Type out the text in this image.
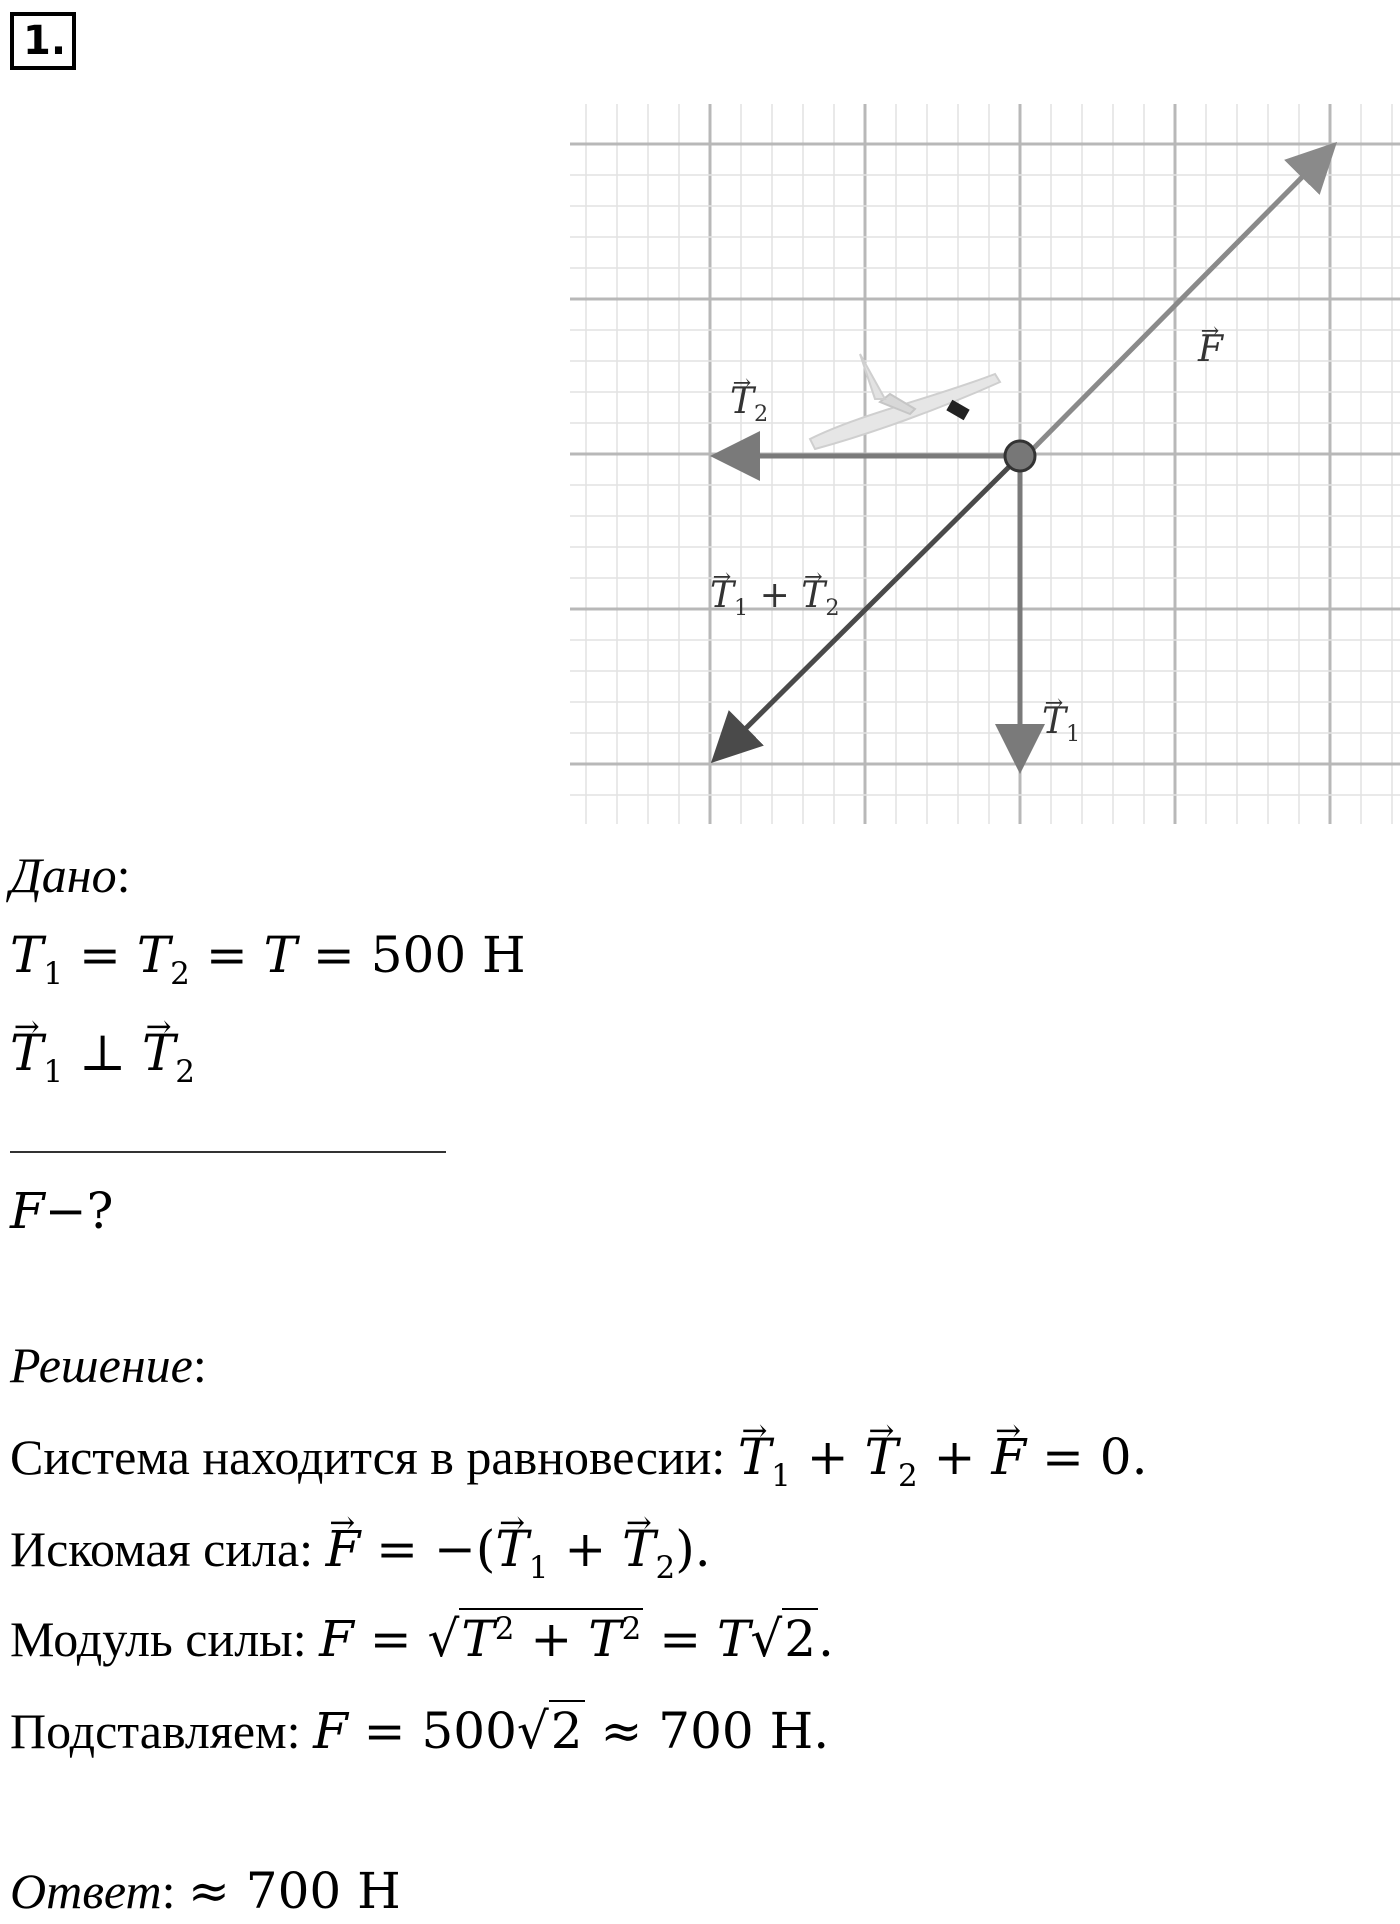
1.
→ F
→ $T_2$
→ $T_1$
→ $T_1$ + → $T_2$
Дано:
$T_1 = T_2 = T = 500$ Н
→ $T_1$ ⊥ → $T_2$
F−?
Решение:
Система находится в равновесии: → $T_1$ + → $T_2$ + → F = 0.
Искомая сила: → F = −(→ $T_1$ + → $T_2$).
Модуль силы: $F = √T^2 + T^2 = T√2$.
Подставляем: F = 500√2 ≈ 700 Н.
Ответ: ≈ 700 Н
